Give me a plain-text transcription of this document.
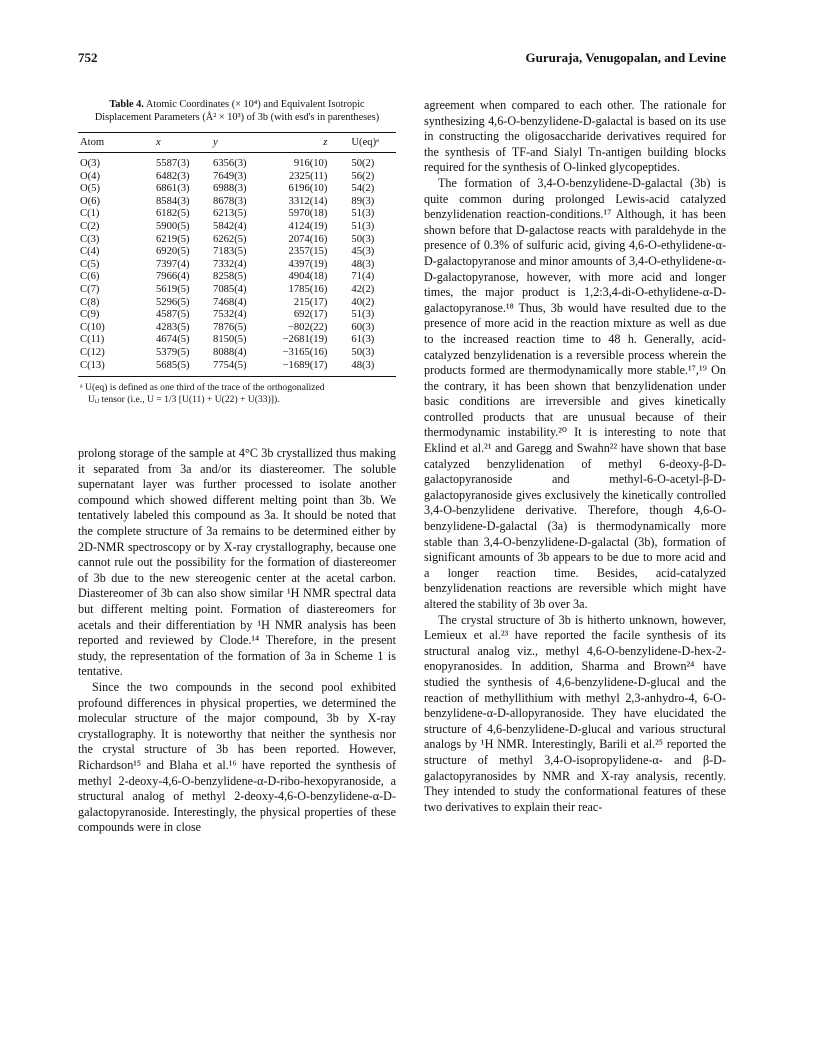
752	Gururaja, Venugopalan, and Levine
Table 4. Atomic Coordinates (× 10⁴) and Equivalent Isotropic Displacement Parameters (Å² × 10³) of 3b (with esd's in parentheses)
Atom	x	y	z	U(eq)ᵃ
O(3)	5587(3)	6356(3)	916(10)	50(2)
O(4)	6482(3)	7649(3)	2325(11)	56(2)
O(5)	6861(3)	6988(3)	6196(10)	54(2)
O(6)	8584(3)	8678(3)	3312(14)	89(3)
C(1)	6182(5)	6213(5)	5970(18)	51(3)
C(2)	5900(5)	5842(4)	4124(19)	51(3)
C(3)	6219(5)	6262(5)	2074(16)	50(3)
C(4)	6920(5)	7183(5)	2357(15)	45(3)
C(5)	7397(4)	7332(4)	4397(19)	48(3)
C(6)	7966(4)	8258(5)	4904(18)	71(4)
C(7)	5619(5)	7085(4)	1785(16)	42(2)
C(8)	5296(5)	7468(4)	215(17)	40(2)
C(9)	4587(5)	7532(4)	692(17)	51(3)
C(10)	4283(5)	7876(5)	−802(22)	60(3)
C(11)	4674(5)	8150(5)	−2681(19)	61(3)
C(12)	5379(5)	8088(4)	−3165(16)	50(3)
C(13)	5685(5)	7754(5)	−1689(17)	48(3)
ᵃ U(eq) is defined as one third of the trace of the orthogonalized
Uᵢⱼ tensor (i.e., U = 1/3 [U(11) + U(22) + U(33)]).

prolong storage of the sample at 4°C 3b crystallized thus making it separated from 3a and/or its diastereomer. The soluble supernatant layer was further processed to isolate another compound which showed different melting point than 3b. We tentatively labeled this compound as 3a. It should be noted that the complete structure of 3a remains to be determined either by 2D-NMR spectroscopy or by X-ray crystallography, because one cannot rule out the possibility for the formation of diastereomer of 3b due to the new stereogenic center at the acetal carbon. Diastereomer of 3b can also show similar ¹H NMR spectral data but different melting point. Formation of diastereomers for acetals and their differentiation by ¹H NMR analysis has been reported and reviewed by Clode.¹⁴ Therefore, in the present study, the representation of the formation of 3a in Scheme 1 is tentative.

Since the two compounds in the second pool exhibited profound differences in physical properties, we determined the molecular structure of the major compound, 3b by X-ray crystallography. It is noteworthy that neither the synthesis nor the crystal structure of 3b has been reported. However, Richardson¹⁵ and Blaha et al.¹⁶ have reported the synthesis of methyl 2-deoxy-4,6-O-benzylidene-α-D-ribo-hexopyranoside, a structural analog of methyl 2-deoxy-4,6-O-benzylidene-α-D-galactopyranoside. Interestingly, the physical properties of these compounds were in close

agreement when compared to each other. The rationale for synthesizing 4,6-O-benzylidene-D-galactal is based on its use in constructing the oligosaccharide derivatives required for the synthesis of TF-and Sialyl Tn-antigen building blocks required for the synthesis of O-linked glycopeptides.

The formation of 3,4-O-benzylidene-D-galactal (3b) is quite common during prolonged Lewis-acid catalyzed benzylidenation reaction-conditions.¹⁷ Although, it has been shown before that D-galactose reacts with paraldehyde in the presence of 0.3% of sulfuric acid, giving 4,6-O-ethylidene-α-D-galactopyranose and minor amounts of 3,4-O-ethylidene-α-D-galactopyranose, however, with more acid and longer times, the major product is 1,2:3,4-di-O-ethylidene-α-D-galactopyranose.¹⁸ Thus, 3b would have resulted due to the presence of more acid in the reaction mixture as well as due to the increased reaction time to 48 h. Generally, acid-catalyzed benzylidenation is a reversible process wherein the products formed are thermodynamically more stable.¹⁷,¹⁹ On the contrary, it has been shown that benzylidenation under basic conditions are irreversible and gives kinetically controlled products that are unusual because of their thermodynamic instability.²⁰ It is interesting to note that Eklind et al.²¹ and Garegg and Swahn²² have shown that base catalyzed benzylidenation of methyl 6-deoxy-β-D-galactopyranoside and methyl-6-O-acetyl-β-D-galactopyranoside gives exclusively the kinetically controlled 3,4-O-benzylidene derivative. Therefore, though 4,6-O-benzylidene-D-galactal (3a) is thermodynamically more stable than 3,4-O-benzylidene-D-galactal (3b), formation of significant amounts of 3b appears to be due to more acid and a longer reaction time. Besides, acid-catalyzed benzylidenation reactions are reversible which might have altered the stability of 3b over 3a.

The crystal structure of 3b is hitherto unknown, however, Lemieux et al.²³ have reported the facile synthesis of its structural analog viz., methyl 4,6-O-benzylidene-D-hex-2-enopyranosides. In addition, Sharma and Brown²⁴ have studied the synthesis of 4,6-benzylidene-D-glucal and the reaction of methyllithium with methyl 2,3-anhydro-4, 6-O-benzylidene-α-D-allopyranoside. They have elucidated the structure of 4,6-benzylidene-D-glucal and various structural analogs by ¹H NMR. Interestingly, Barili et al.²⁵ reported the structure of methyl 3,4-O-isopropylidene-α- and β-D-galactopyranosides by NMR and X-ray analysis, recently. They intended to study the conformational features of these two derivatives to explain their reac-
